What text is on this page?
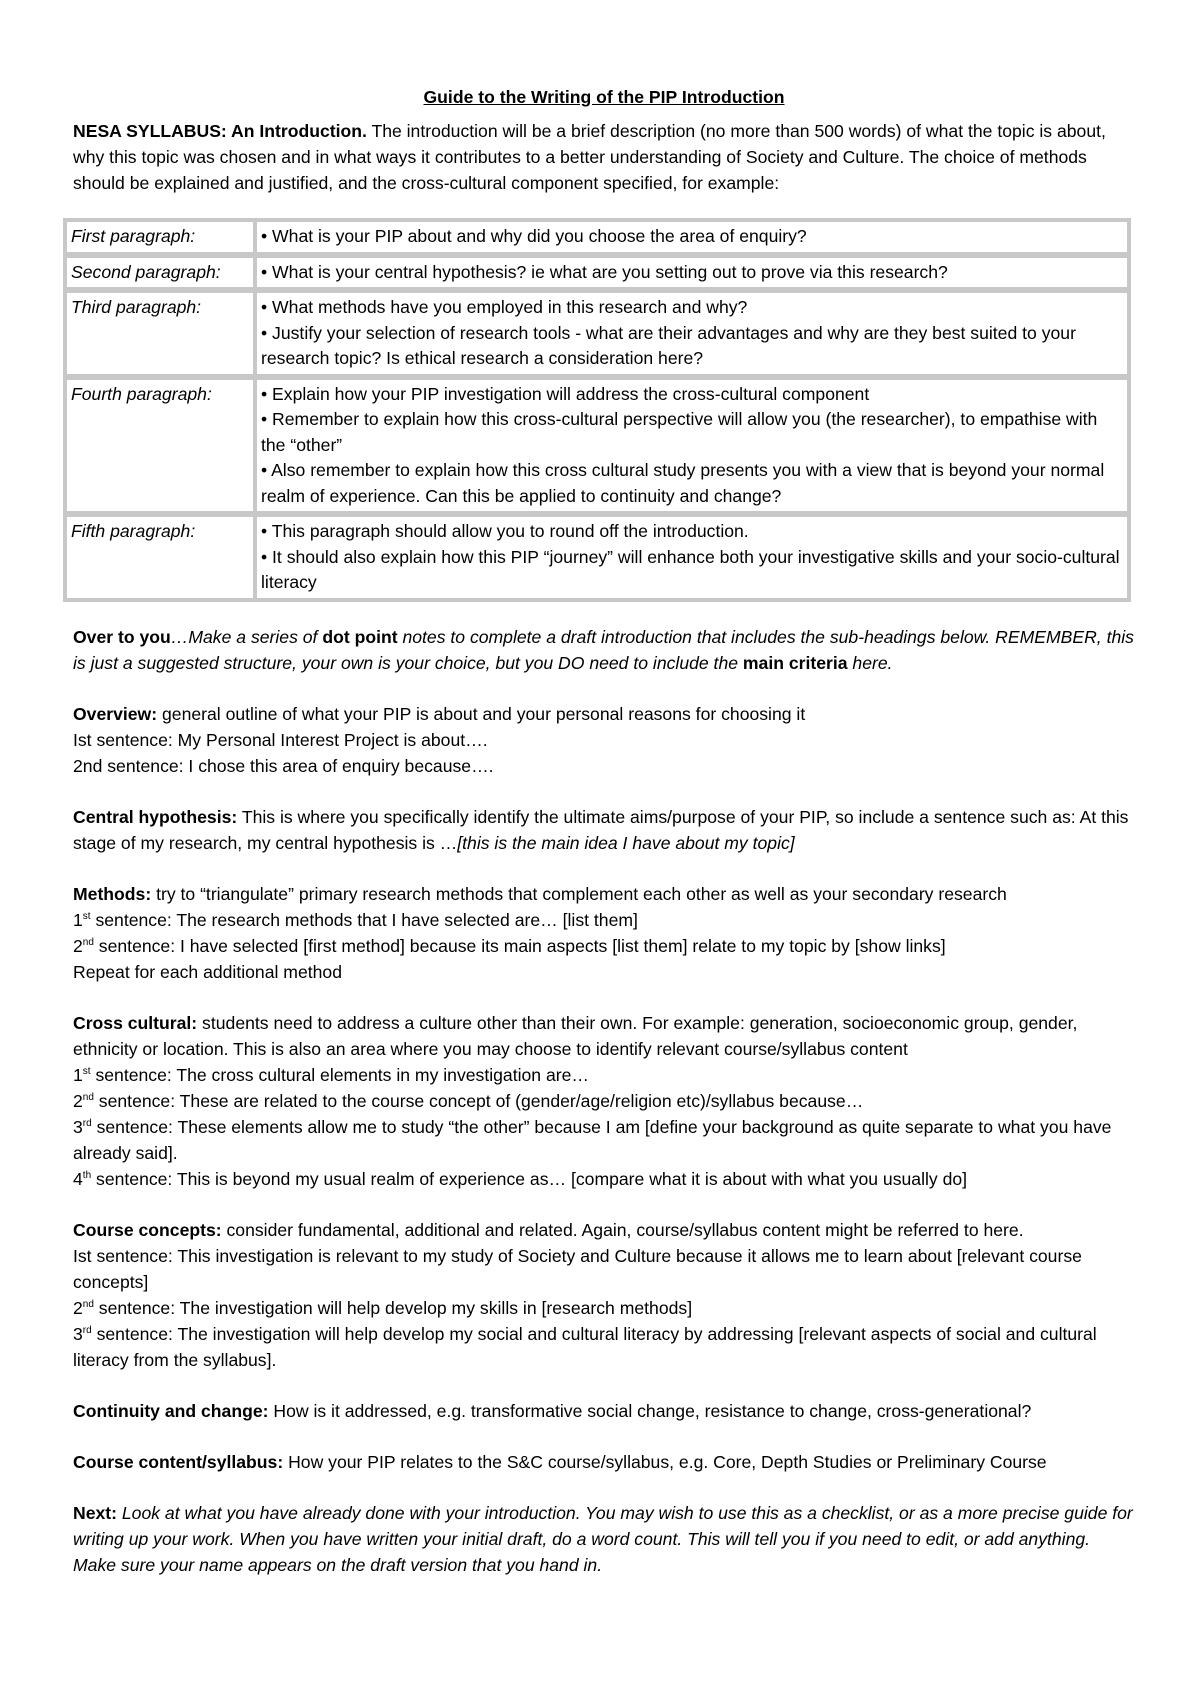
Guide to the Writing of the PIP Introduction

NESA SYLLABUS: An Introduction. The introduction will be a brief description (no more than 500 words) of what the topic is about, why this topic was chosen and in what ways it contributes to a better understanding of Society and Culture. The choice of methods should be explained and justified, and the cross-cultural component specified, for example:

First paragraph:	• What is your PIP about and why did you choose the area of enquiry?

Second paragraph:	• What is your central hypothesis? ie what are you setting out to prove via this research?

Third paragraph:	• What methods have you employed in this research and why?
• Justify your selection of research tools - what are their advantages and why are they best suited to your research topic? Is ethical research a consideration here?

Fourth paragraph:	• Explain how your PIP investigation will address the cross-cultural component
• Remember to explain how this cross-cultural perspective will allow you (the researcher), to empathise with the “other”
• Also remember to explain how this cross cultural study presents you with a view that is beyond your normal realm of experience. Can this be applied to continuity and change?

Fifth paragraph:	• This paragraph should allow you to round off the introduction.
• It should also explain how this PIP “journey” will enhance both your investigative skills and your socio-cultural literacy

Over to you…Make a series of dot point notes to complete a draft introduction that includes the sub-headings below. REMEMBER, this is just a suggested structure, your own is your choice, but you DO need to include the main criteria here.

Overview: general outline of what your PIP is about and your personal reasons for choosing it

Ist sentence: My Personal Interest Project is about….

2nd sentence: I chose this area of enquiry because….

Central hypothesis: This is where you specifically identify the ultimate aims/purpose of your PIP, so include a sentence such as: At this stage of my research, my central hypothesis is …[this is the main idea I have about my topic]

Methods: try to “triangulate” primary research methods that complement each other as well as your secondary research

1st sentence: The research methods that I have selected are… [list them]

2nd sentence: I have selected [first method] because its main aspects [list them] relate to my topic by [show links]

Repeat for each additional method

Cross cultural: students need to address a culture other than their own. For example: generation, socioeconomic group, gender, ethnicity or location. This is also an area where you may choose to identify relevant course/syllabus content

1st sentence: The cross cultural elements in my investigation are…

2nd sentence: These are related to the course concept of (gender/age/religion etc)/syllabus because…

3rd sentence: These elements allow me to study “the other” because I am [define your background as quite separate to what you have already said].

4th sentence: This is beyond my usual realm of experience as… [compare what it is about with what you usually do]

Course concepts: consider fundamental, additional and related. Again, course/syllabus content might be referred to here.

Ist sentence: This investigation is relevant to my study of Society and Culture because it allows me to learn about [relevant course concepts]

2nd sentence: The investigation will help develop my skills in [research methods]

3rd sentence: The investigation will help develop my social and cultural literacy by addressing [relevant aspects of social and cultural literacy from the syllabus].

Continuity and change: How is it addressed, e.g. transformative social change, resistance to change, cross-generational?

Course content/syllabus: How your PIP relates to the S&C course/syllabus, e.g. Core, Depth Studies or Preliminary Course

Next: Look at what you have already done with your introduction. You may wish to use this as a checklist, or as a more precise guide for writing up your work. When you have written your initial draft, do a word count. This will tell you if you need to edit, or add anything. Make sure your name appears on the draft version that you hand in.
